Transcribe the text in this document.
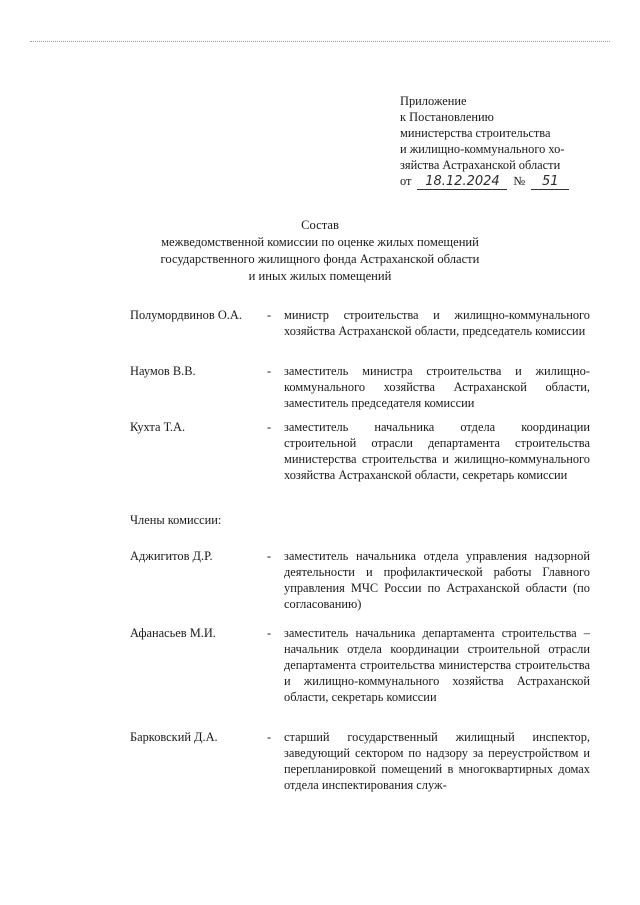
Приложение
к Постановлению
министерства строительства
и жилищно-коммунального хо-
зяйства Астраханской области
от	18.12.2024	№	51
Состав
межведомственной комиссии по оценке жилых помещений
государственного жилищного фонда Астраханской области
и иных жилых помещений
Полумордвинов О.А. - министр строительства и жилищно-коммунального хозяйства Астраханской области, председатель комиссии
Наумов В.В.	- заместитель министра строительства и жилищно-коммунального хозяйства Астраханской области, заместитель председателя комиссии
Кухта Т.А.	- заместитель начальника отдела координации строительной отрасли департамента строительства министерства строительства и жилищно-коммунального хозяйства Астраханской области, секретарь комиссии
Члены комиссии:
Аджигитов Д.Р.	- заместитель начальника отдела управления надзорной деятельности и профилактической работы Главного управления МЧС России по Астраханской области (по согласованию)
Афанасьев М.И.	- заместитель начальника департамента строительства – начальник отдела координации строительной отрасли департамента строительства министерства строительства и жилищно-коммунального хозяйства Астраханской области, секретарь комиссии
Барковский Д.А.	- старший государственный жилищный инспектор, заведующий сектором по надзору за переустройством и перепланировкой помещений в многоквартирных домах отдела инспектирования служ-
